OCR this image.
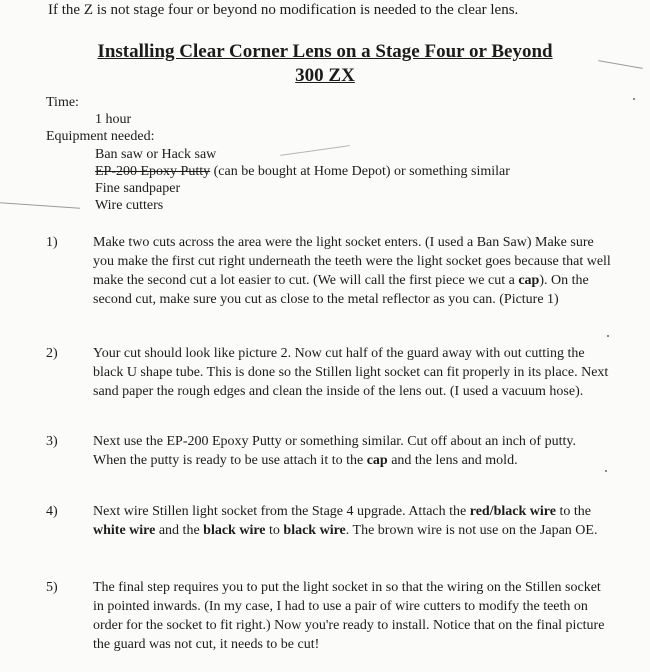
If the Z is not stage four or beyond no modification is needed to the clear lens.
Installing Clear Corner Lens on a Stage Four or Beyond
300 ZX
Time:
1 hour
Equipment needed:
Ban saw or Hack saw
EP-200 Epoxy Putty (can be bought at Home Depot) or something similar
Fine sandpaper
Wire cutters
1)	Make two cuts across the area were the light socket enters. (I used a Ban Saw) Make sure you make the first cut right underneath the teeth were the light socket goes because that well make the second cut a lot easier to cut. (We will call the first piece we cut a cap). On the second cut, make sure you cut as close to the metal reflector as you can. (Picture 1)
2)	Your cut should look like picture 2. Now cut half of the guard away with out cutting the black U shape tube. This is done so the Stillen light socket can fit properly in its place. Next sand paper the rough edges and clean the inside of the lens out. (I used a vacuum hose).
3)	Next use the EP-200 Epoxy Putty or something similar. Cut off about an inch of putty. When the putty is ready to be use attach it to the cap and the lens and mold.
4)	Next wire Stillen light socket from the Stage 4 upgrade. Attach the red/black wire to the white wire and the black wire to black wire. The brown wire is not use on the Japan OE.
5)	The final step requires you to put the light socket in so that the wiring on the Stillen socket in pointed inwards. (In my case, I had to use a pair of wire cutters to modify the teeth on order for the socket to fit right.) Now you're ready to install. Notice that on the final picture the guard was not cut, it needs to be cut!
